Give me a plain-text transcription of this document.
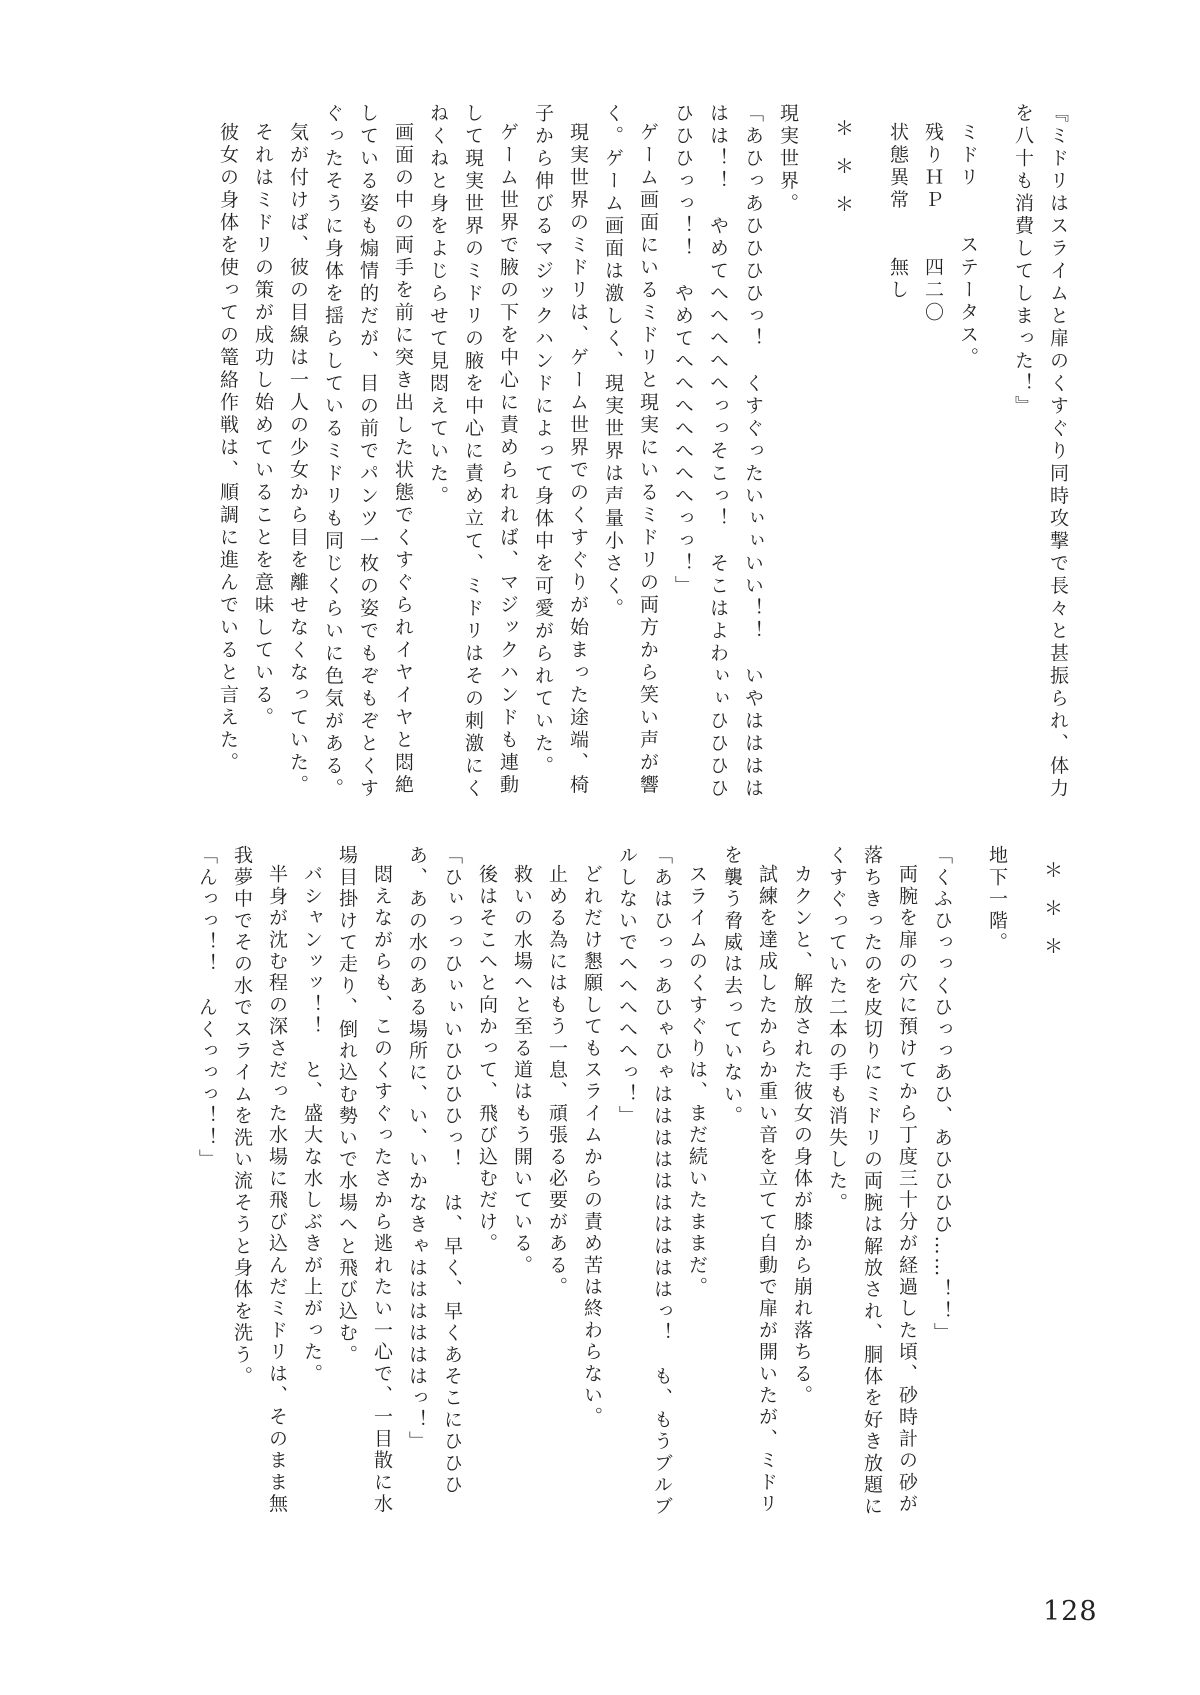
『ミドリはスライムと扉のくすぐり同時攻撃で長々と甚振られ、体力を八十も消費してしまった！』

ミドリ　　ステータス。

残りＨＰ　　四二〇

状態異常　　無し

＊＊＊

現実世界。

「あひっあひひひひっ！　くすぐったいぃぃいい！！　いやはははははは！！　やめてへへへへへっっそこっ！　そこはよわぃぃひひひひひひひっっ！！　やめてへへへへへへへっっ！」

ゲーム画面にいるミドリと現実にいるミドリの両方から笑い声が響く。ゲーム画面は激しく、現実世界は声量小さく。

現実世界のミドリは、ゲーム世界でのくすぐりが始まった途端、椅子から伸びるマジックハンドによって身体中を可愛がられていた。

ゲーム世界で腋の下を中心に責められれば、マジックハンドも連動して現実世界のミドリの腋を中心に責め立て、ミドリはその刺激にくねくねと身をよじらせて見悶えていた。

画面の中の両手を前に突き出した状態でくすぐられイヤイヤと悶絶している姿も煽情的だが、目の前でパンツ一枚の姿でもぞもぞとくすぐったそうに身体を揺らしているミドリも同じくらいに色気がある。

気が付けば、彼の目線は一人の少女から目を離せなくなっていた。

それはミドリの策が成功し始めていることを意味している。

彼女の身体を使っての篭絡作戦は、順調に進んでいると言えた。

＊＊＊

地下一階。

「くふひっっくひっっあひ、あひひひひ……！！」

両腕を扉の穴に預けてから丁度三十分が経過した頃、砂時計の砂が落ちきったのを皮切りにミドリの両腕は解放され、胴体を好き放題にくすぐっていた二本の手も消失した。

カクンと、解放された彼女の身体が膝から崩れ落ちる。

試練を達成したからか重い音を立てて自動で扉が開いたが、ミドリを襲う脅威は去っていない。

スライムのくすぐりは、まだ続いたままだ。

「あはひっっあひゃひゃははははははははははっ！　も、もうブルブルしないでへへへへへっ！」

どれだけ懇願してもスライムからの責め苦は終わらない。

止める為にはもう一息、頑張る必要がある。

救いの水場へと至る道はもう開いている。

後はそこへと向かって、飛び込むだけ。

「ひぃっっひぃぃいひひひひっ！　は、早く、早くあそこにひひひあ、あの水のある場所に、い、いかなきゃははははははっ！」

悶えながらも、このくすぐったさから逃れたい一心で、一目散に水場目掛けて走り、倒れ込む勢いで水場へと飛び込む。

バシャンッッ！！　と、盛大な水しぶきが上がった。

半身が沈む程の深さだった水場に飛び込んだミドリは、そのまま無我夢中でその水でスライムを洗い流そうと身体を洗う。

「んっっ！！　んくっっっ！！」

128
